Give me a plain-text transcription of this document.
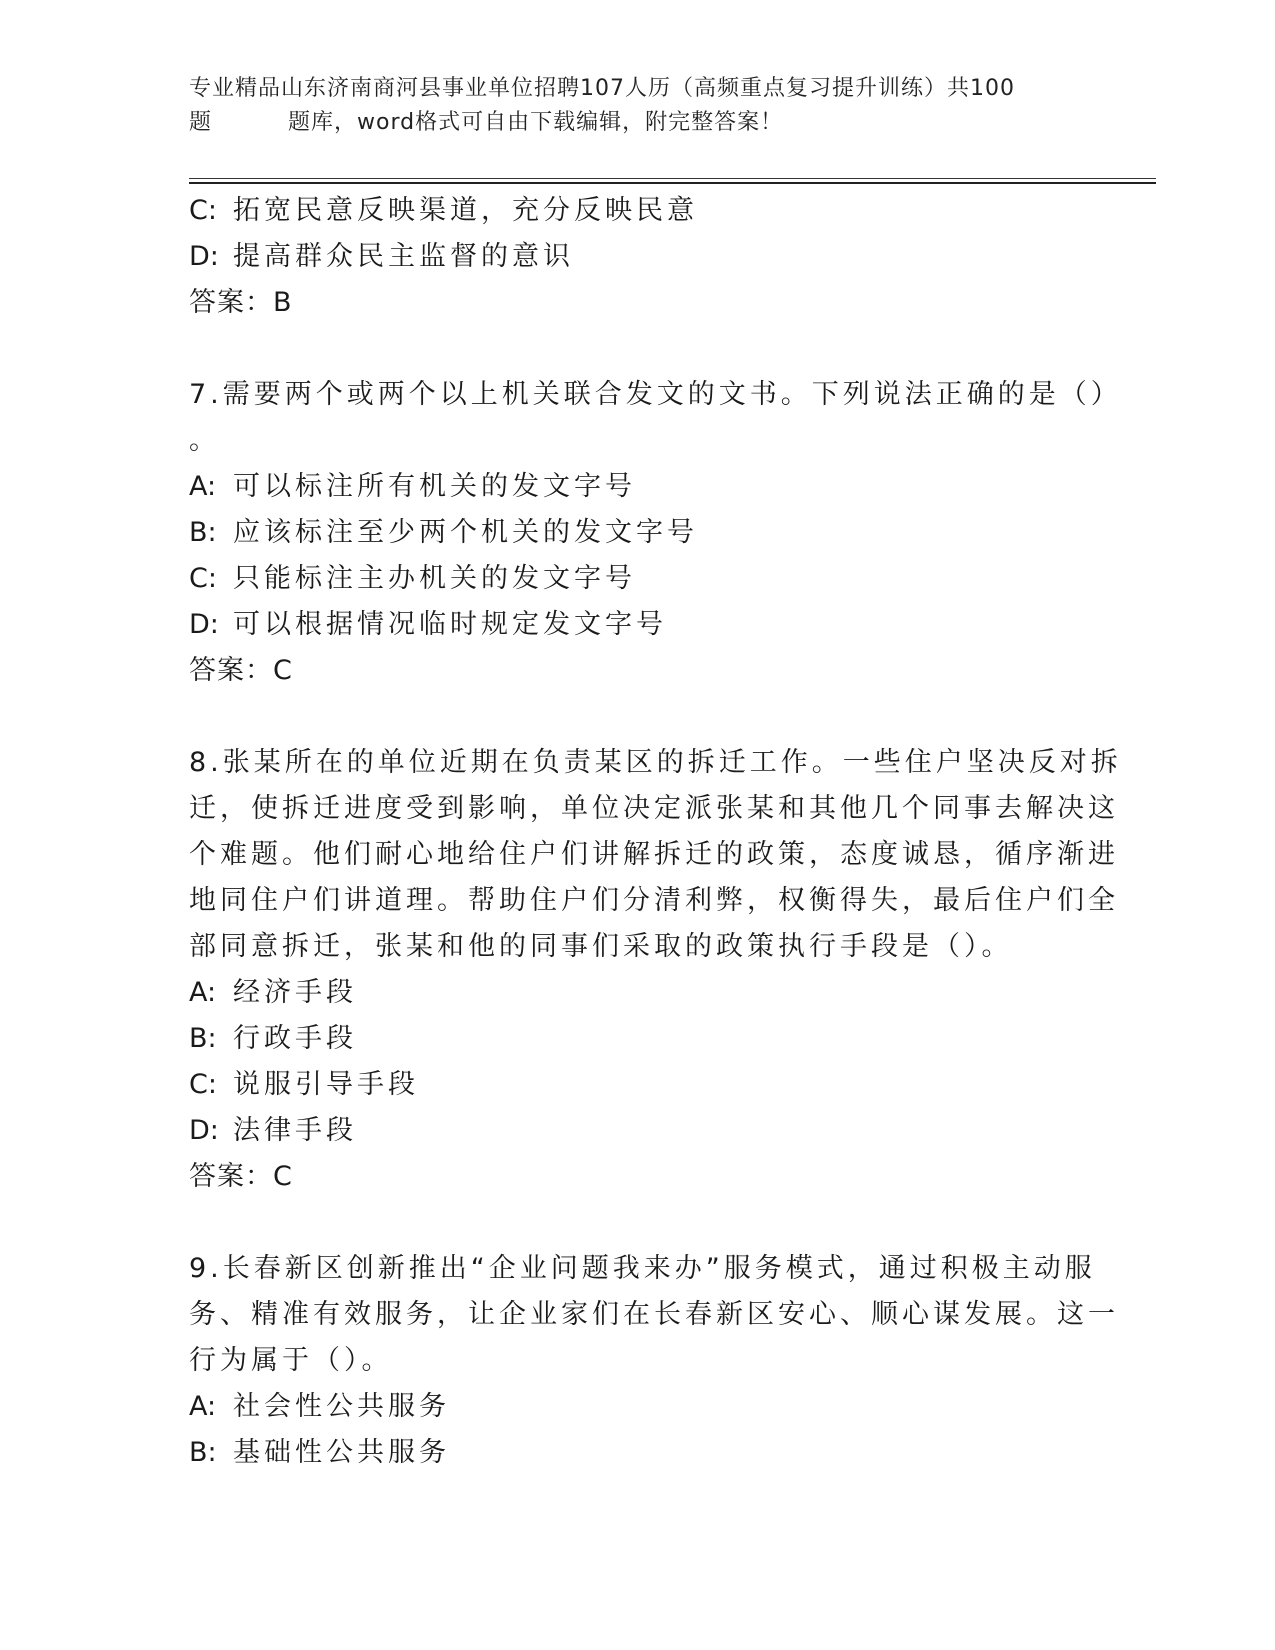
专业精品山东济南商河县事业单位招聘107人历（高频重点复习提升训练）共100
题	题库，word格式可自由下载编辑，附完整答案！
C: 拓宽民意反映渠道，充分反映民意
D: 提高群众民主监督的意识
答案：B
7.需要两个或两个以上机关联合发文的文书。下列说法正确的是（）
。
A: 可以标注所有机关的发文字号
B: 应该标注至少两个机关的发文字号
C: 只能标注主办机关的发文字号
D: 可以根据情况临时规定发文字号
答案：C
8.张某所在的单位近期在负责某区的拆迁工作。一些住户坚决反对拆
迁，使拆迁进度受到影响，单位决定派张某和其他几个同事去解决这
个难题。他们耐心地给住户们讲解拆迁的政策，态度诚恳，循序渐进
地同住户们讲道理。帮助住户们分清利弊，权衡得失，最后住户们全
部同意拆迁，张某和他的同事们采取的政策执行手段是（）。
A: 经济手段
B: 行政手段
C: 说服引导手段
D: 法律手段
答案：C
9.长春新区创新推出“企业问题我来办”服务模式，通过积极主动服
务、精准有效服务，让企业家们在长春新区安心、顺心谋发展。这一
行为属于（）。
A: 社会性公共服务
B: 基础性公共服务
